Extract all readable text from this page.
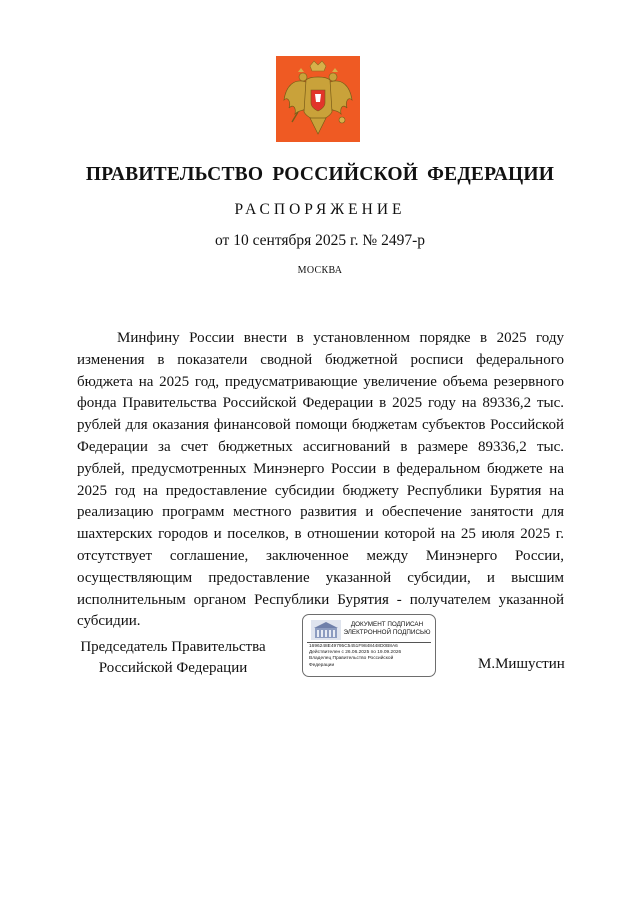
ПРАВИТЕЛЬСТВО РОССИЙСКОЙ ФЕДЕРАЦИИ
РАСПОРЯЖЕНИЕ
от 10 сентября 2025 г. № 2497-р
МОСКВА

Минфину России внести в установленном порядке в 2025 году изменения в показатели сводной бюджетной росписи федерального бюджета на 2025 год, предусматривающие увеличение объема резервного фонда Правительства Российской Федерации в 2025 году на 89336,2 тыс. рублей для оказания финансовой помощи бюджетам субъектов Российской Федерации за счет бюджетных ассигнований в размере 89336,2 тыс. рублей, предусмотренных Минэнерго России в федеральном бюджете на 2025 год на предоставление субсидии бюджету Республики Бурятия на реализацию программ местного развития и обеспечение занятости для шахтерских городов и поселков, в отношении которой на 25 июля 2025 г. отсутствует соглашение, заключенное между Минэнерго России, осуществляющим предоставление указанной субсидии, и высшим исполнительным органом Республики Бурятия - получателем указанной субсидии.

Председатель Правительства
Российской Федерации
ДОКУМЕНТ ПОДПИСАН
ЭЛЕКТРОННОЙ ПОДПИСЬЮ
1696248E49795C5451F9848448D0B8A6
Действителен с 26.06.2025 по 19.09.2026
Владелец Правительство Российской
Федерации	М.Мишустин
